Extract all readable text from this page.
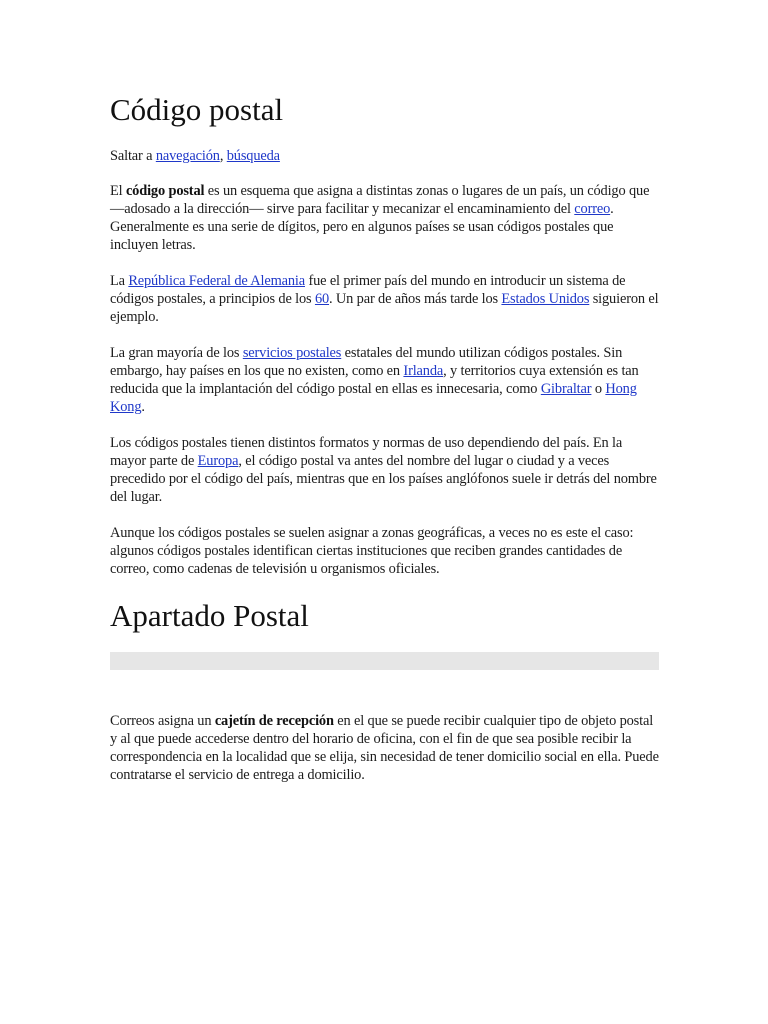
Código postal

Saltar a navegación, búsqueda

El código postal es un esquema que asigna a distintas zonas o lugares de un país, un código que —adosado a la dirección— sirve para facilitar y mecanizar el encaminamiento del correo. Generalmente es una serie de dígitos, pero en algunos países se usan códigos postales que incluyen letras.

La República Federal de Alemania fue el primer país del mundo en introducir un sistema de códigos postales, a principios de los 60. Un par de años más tarde los Estados Unidos siguieron el ejemplo.

La gran mayoría de los servicios postales estatales del mundo utilizan códigos postales. Sin embargo, hay países en los que no existen, como en Irlanda, y territorios cuya extensión es tan reducida que la implantación del código postal en ellas es innecesaria, como Gibraltar o Hong Kong.

Los códigos postales tienen distintos formatos y normas de uso dependiendo del país. En la mayor parte de Europa, el código postal va antes del nombre del lugar o ciudad y a veces precedido por el código del país, mientras que en los países anglófonos suele ir detrás del nombre del lugar.

Aunque los códigos postales se suelen asignar a zonas geográficas, a veces no es este el caso: algunos códigos postales identifican ciertas instituciones que reciben grandes cantidades de correo, como cadenas de televisión u organismos oficiales.

Apartado Postal

Correos asigna un cajetín de recepción en el que se puede recibir cualquier tipo de objeto postal y al que puede accederse dentro del horario de oficina, con el fin de que sea posible recibir la correspondencia en la localidad que se elija, sin necesidad de tener domicilio social en ella. Puede contratarse el servicio de entrega a domicilio.
